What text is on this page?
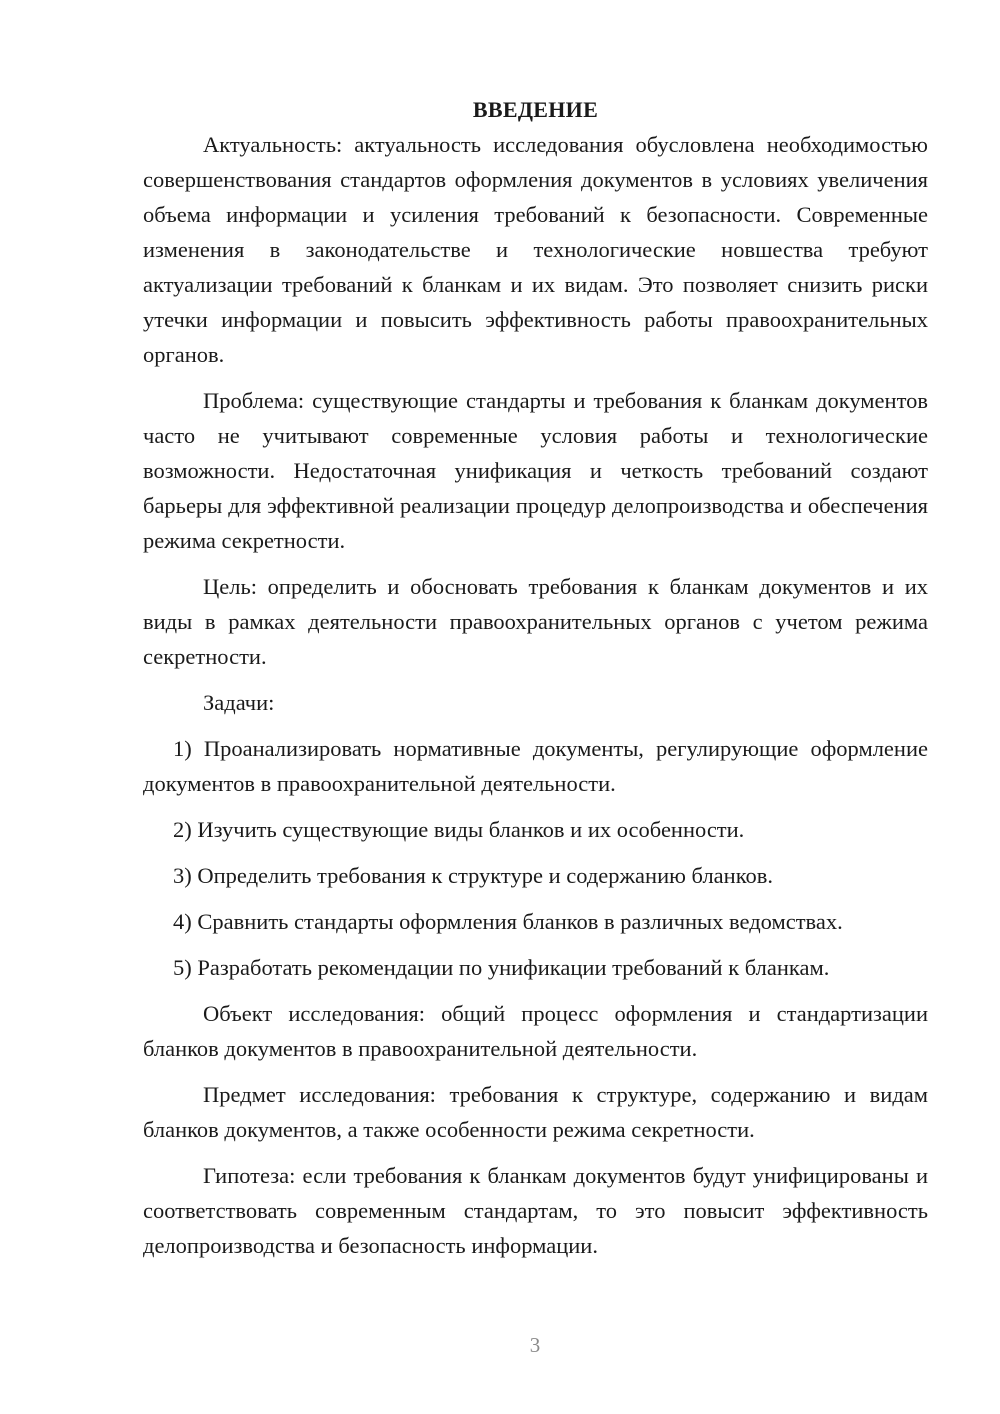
ВВЕДЕНИЕ

Актуальность: актуальность исследования обусловлена необходимостью совершенствования стандартов оформления документов в условиях увеличения объема информации и усиления требований к безопасности. Современные изменения в законодательстве и технологические новшества требуют актуализации требований к бланкам и их видам. Это позволяет снизить риски утечки информации и повысить эффективность работы правоохранительных органов.

Проблема: существующие стандарты и требования к бланкам документов часто не учитывают современные условия работы и технологические возможности. Недостаточная унификация и четкость требований создают барьеры для эффективной реализации процедур делопроизводства и обеспечения режима секретности.

Цель: определить и обосновать требования к бланкам документов и их виды в рамках деятельности правоохранительных органов с учетом режима секретности.

Задачи:

1) Проанализировать нормативные документы, регулирующие оформление документов в правоохранительной деятельности.

2) Изучить существующие виды бланков и их особенности.

3) Определить требования к структуре и содержанию бланков.

4) Сравнить стандарты оформления бланков в различных ведомствах.

5) Разработать рекомендации по унификации требований к бланкам.

Объект исследования: общий процесс оформления и стандартизации бланков документов в правоохранительной деятельности.

Предмет исследования: требования к структуре, содержанию и видам бланков документов, а также особенности режима секретности.

Гипотеза: если требования к бланкам документов будут унифицированы и соответствовать современным стандартам, то это повысит эффективность делопроизводства и безопасность информации.

3
